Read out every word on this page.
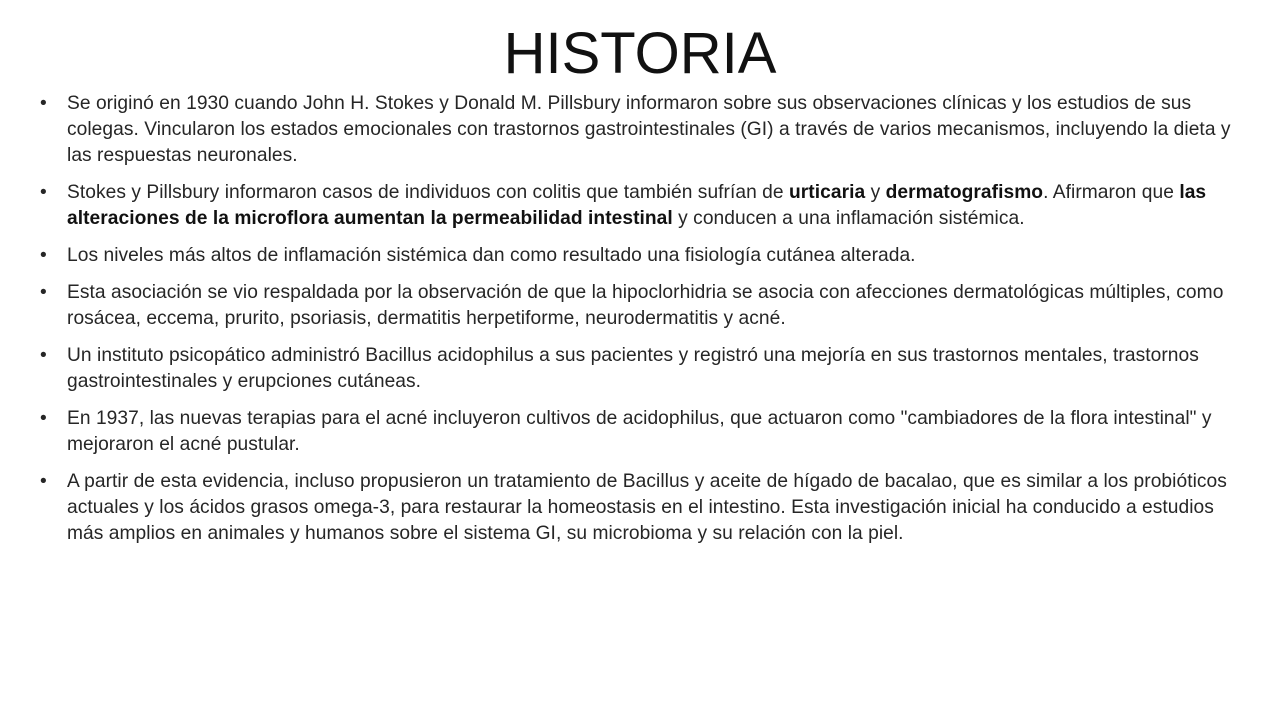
HISTORIA
•	Se originó en 1930 cuando John H. Stokes y Donald M. Pillsbury informaron sobre sus observaciones clínicas y los estudios de sus colegas. Vincularon los estados emocionales con trastornos gastrointestinales (GI) a través de varios mecanismos, incluyendo la dieta y las respuestas neuronales.
•	Stokes y Pillsbury informaron casos de individuos con colitis que también sufrían de urticaria y dermatografismo. Afirmaron que las alteraciones de la microflora aumentan la permeabilidad intestinal y conducen a una inflamación sistémica.
•	Los niveles más altos de inflamación sistémica dan como resultado una fisiología cutánea alterada.
•	Esta asociación se vio respaldada por la observación de que la hipoclorhidria se asocia con afecciones dermatológicas múltiples, como rosácea, eccema, prurito, psoriasis, dermatitis herpetiforme, neurodermatitis y acné.
•	Un instituto psicopático administró Bacillus acidophilus a sus pacientes y registró una mejoría en sus trastornos mentales, trastornos gastrointestinales y erupciones cutáneas.
•	En 1937, las nuevas terapias para el acné incluyeron cultivos de acidophilus, que actuaron como "cambiadores de la flora intestinal" y mejoraron el acné pustular.
•	A partir de esta evidencia, incluso propusieron un tratamiento de Bacillus y aceite de hígado de bacalao, que es similar a los probióticos actuales y los ácidos grasos omega-3, para restaurar la homeostasis en el intestino. Esta investigación inicial ha conducido a estudios más amplios en animales y humanos sobre el sistema GI, su microbioma y su relación con la piel.
